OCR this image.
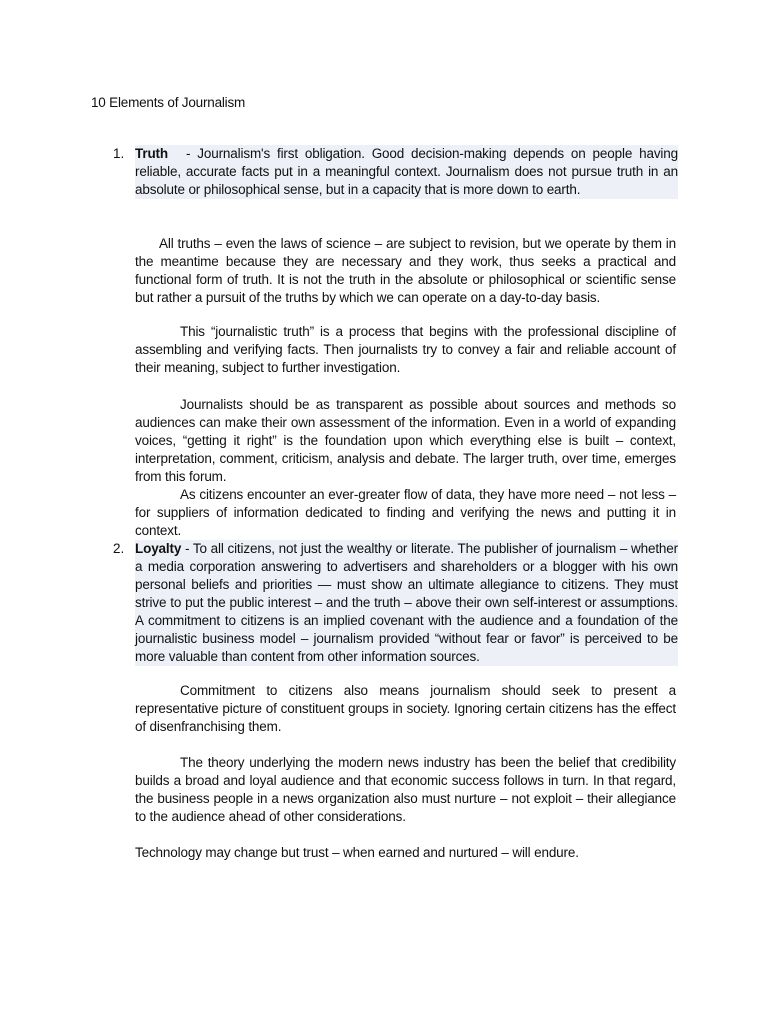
10 Elements of Journalism
1. Truth - Journalism's first obligation. Good decision-making depends on people having reliable, accurate facts put in a meaningful context. Journalism does not pursue truth in an absolute or philosophical sense, but in a capacity that is more down to earth.

All truths – even the laws of science – are subject to revision, but we operate by them in the meantime because they are necessary and they work, thus seeks a practical and functional form of truth. It is not the truth in the absolute or philosophical or scientific sense but rather a pursuit of the truths by which we can operate on a day-to-day basis.

This “journalistic truth” is a process that begins with the professional discipline of assembling and verifying facts. Then journalists try to convey a fair and reliable account of their meaning, subject to further investigation.

Journalists should be as transparent as possible about sources and methods so audiences can make their own assessment of the information. Even in a world of expanding voices, “getting it right” is the foundation upon which everything else is built – context, interpretation, comment, criticism, analysis and debate. The larger truth, over time, emerges from this forum.

As citizens encounter an ever-greater flow of data, they have more need – not less – for suppliers of information dedicated to finding and verifying the news and putting it in context.

2. Loyalty - To all citizens, not just the wealthy or literate. The publisher of journalism – whether a media corporation answering to advertisers and shareholders or a blogger with his own personal beliefs and priorities — must show an ultimate allegiance to citizens. They must strive to put the public interest – and the truth – above their own self-interest or assumptions. A commitment to citizens is an implied covenant with the audience and a foundation of the journalistic business model – journalism provided “without fear or favor” is perceived to be more valuable than content from other information sources.

Commitment to citizens also means journalism should seek to present a representative picture of constituent groups in society. Ignoring certain citizens has the effect of disenfranchising them.

The theory underlying the modern news industry has been the belief that credibility builds a broad and loyal audience and that economic success follows in turn. In that regard, the business people in a news organization also must nurture – not exploit – their allegiance to the audience ahead of other considerations.

Technology may change but trust – when earned and nurtured – will endure.
